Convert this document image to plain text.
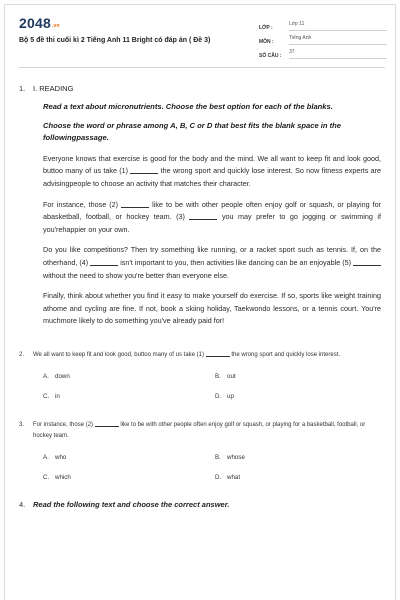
$2048^{.vn}$
Bộ 5 đề thi cuối kì 2 Tiếng Anh 11 Bright có đáp án ( Đề 3)
LỚP :
Lớp 11
MÔN :
Tiếng Anh
SỐ CÂU :
37
1.	I. READING

Read a text about micronutrients. Choose the best option for each of the blanks.

Choose the word or phrase among A, B, C or D that best fits the blank space in the followingpassage.

Everyone knows that exercise is good for the body and the mind. We all want to keep fit and look good, buttoo many of us take (1)	the wrong sport and quickly lose interest. So now fitness experts are advisingpeople to choose an activity that matches their character.

For instance, those (2)	like to be with other people often enjoy golf or squash, or playing for abasketball, football, or hockey team. (3)	you may prefer to go jogging or swimming if you'rehappier on your own.

Do you like competitions? Then try something like running, or a racket sport such as tennis. If, on the otherhand, (4)	isn't important to you, then activities like dancing can be an enjoyable (5)  without the need to show you're better than everyone else.

Finally, think about whether you find it easy to make yourself do exercise. If so, sports like weight training athome and cycling are fine. If not, book a skiing holiday, Taekwondo lessons, or a tennis court. You're muchmore likely to do something you've already paid for!

2.	We all want to keep fit and look good, buttoo many of us take (1)	the wrong sport and quickly lose interest.
A. down	B. out
C. in	D. up
3.	For instance, those (2)	like to be with other people often enjoy golf or squash, or playing for a basketball, football, or hockey team.
A. who	B. whose
C. which	D. what
4.	Read the following text and choose the correct answer.
